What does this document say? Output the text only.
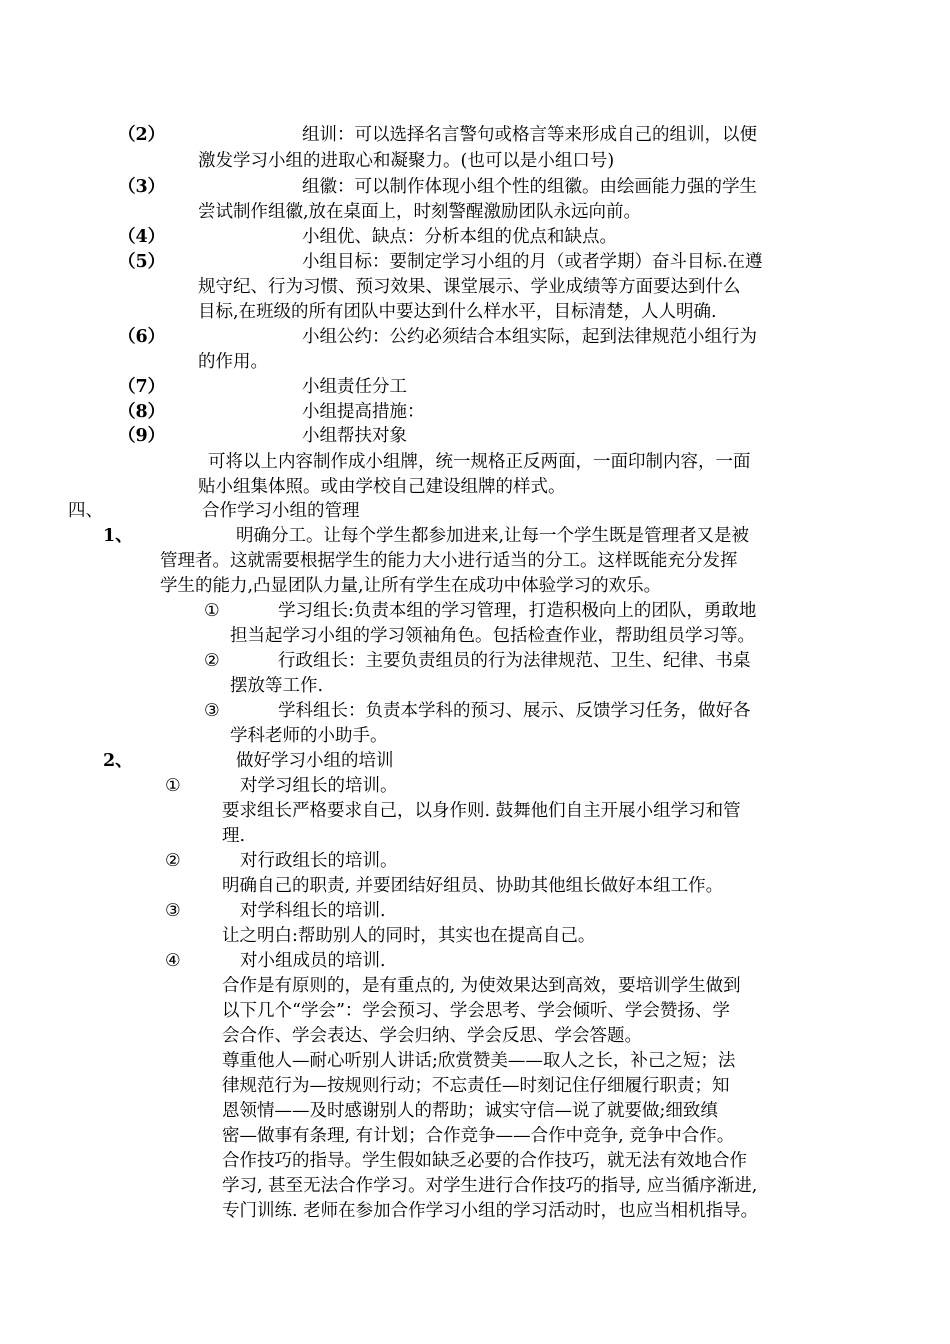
（2）	组训：可以选择名言警句或格言等来形成自己的组训，以便
激发学习小组的进取心和凝聚力。(也可以是小组口号)
（3）	组徽：可以制作体现小组个性的组徽。由绘画能力强的学生
尝试制作组徽,放在桌面上，时刻警醒激励团队永远向前。
（4）	小组优、缺点：分析本组的优点和缺点。
（5）	小组目标：要制定学习小组的月（或者学期）奋斗目标.在遵
规守纪、行为习惯、预习效果、课堂展示、学业成绩等方面要达到什么
目标,在班级的所有团队中要达到什么样水平，目标清楚，人人明确.
（6）	小组公约：公约必须结合本组实际，起到法律规范小组行为
的作用。
（7）	小组责任分工
（8）	小组提高措施：
（9）	小组帮扶对象
可将以上内容制作成小组牌，统一规格正反两面，一面印制内容，一面
贴小组集体照。或由学校自己建设组牌的样式。
四、	合作学习小组的管理
1、	明确分工。让每个学生都参加进来,让每一个学生既是管理者又是被
管理者。这就需要根据学生的能力大小进行适当的分工。这样既能充分发挥
学生的能力,凸显团队力量,让所有学生在成功中体验学习的欢乐。
①	学习组长:负责本组的学习管理，打造积极向上的团队，勇敢地
担当起学习小组的学习领袖角色。包括检查作业，帮助组员学习等。
②	行政组长：主要负责组员的行为法律规范、卫生、纪律、书桌
摆放等工作.
③	学科组长：负责本学科的预习、展示、反馈学习任务，做好各
学科老师的小助手。
2、	做好学习小组的培训
①	对学习组长的培训。
要求组长严格要求自己，以身作则. 鼓舞他们自主开展小组学习和管
理.
②	对行政组长的培训。
明确自己的职责, 并要团结好组员、协助其他组长做好本组工作。
③	对学科组长的培训.
让之明白:帮助别人的同时，其实也在提高自己。
④	对小组成员的培训.
合作是有原则的，是有重点的, 为使效果达到高效，要培训学生做到
以下几个“学会”：学会预习、学会思考、学会倾听、学会赞扬、学
会合作、学会表达、学会归纳、学会反思、学会答题。
尊重他人—耐心听别人讲话;欣赏赞美——取人之长，补己之短；法
律规范行为—按规则行动；不忘责任—时刻记住仔细履行职责；知
恩领情——及时感谢别人的帮助；诚实守信—说了就要做;细致缜
密—做事有条理, 有计划；合作竞争——合作中竞争, 竞争中合作。
合作技巧的指导。学生假如缺乏必要的合作技巧，就无法有效地合作
学习, 甚至无法合作学习。对学生进行合作技巧的指导, 应当循序渐进,
专门训练. 老师在参加合作学习小组的学习活动时，也应当相机指导。
